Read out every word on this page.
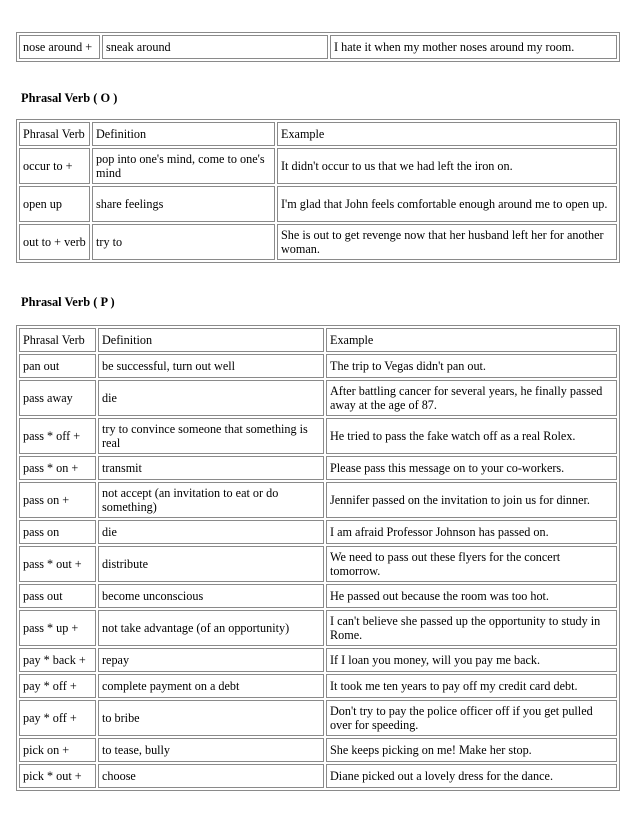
nose around +	sneak around	I hate it when my mother noses around my room.
Phrasal Verb ( O )
Phrasal Verb	Definition	Example
occur to +	pop into one's mind, come to one's mind	It didn't occur to us that we had left the iron on.
open up	share feelings	I'm glad that John feels comfortable enough around me to open up.
out to + verb	try to	She is out to get revenge now that her husband left her for another woman.
Phrasal Verb ( P )
Phrasal Verb	Definition	Example
pan out	be successful, turn out well	The trip to Vegas didn't pan out.
pass away	die	After battling cancer for several years, he finally passed away at the age of 87.
pass * off +	try to convince someone that something is real	He tried to pass the fake watch off as a real Rolex.
pass * on +	transmit	Please pass this message on to your co-workers.
pass on +	not accept (an invitation to eat or do something)	Jennifer passed on the invitation to join us for dinner.
pass on	die	I am afraid Professor Johnson has passed on.
pass * out +	distribute	We need to pass out these flyers for the concert tomorrow.
pass out	become unconscious	He passed out because the room was too hot.
pass * up +	not take advantage (of an opportunity)	I can't believe she passed up the opportunity to study in Rome.
pay * back +	repay	If I loan you money, will you pay me back.
pay * off +	complete payment on a debt	It took me ten years to pay off my credit card debt.
pay * off +	to bribe	Don't try to pay the police officer off if you get pulled over for speeding.
pick on +	to tease, bully	She keeps picking on me! Make her stop.
pick * out +	choose	Diane picked out a lovely dress for the dance.
